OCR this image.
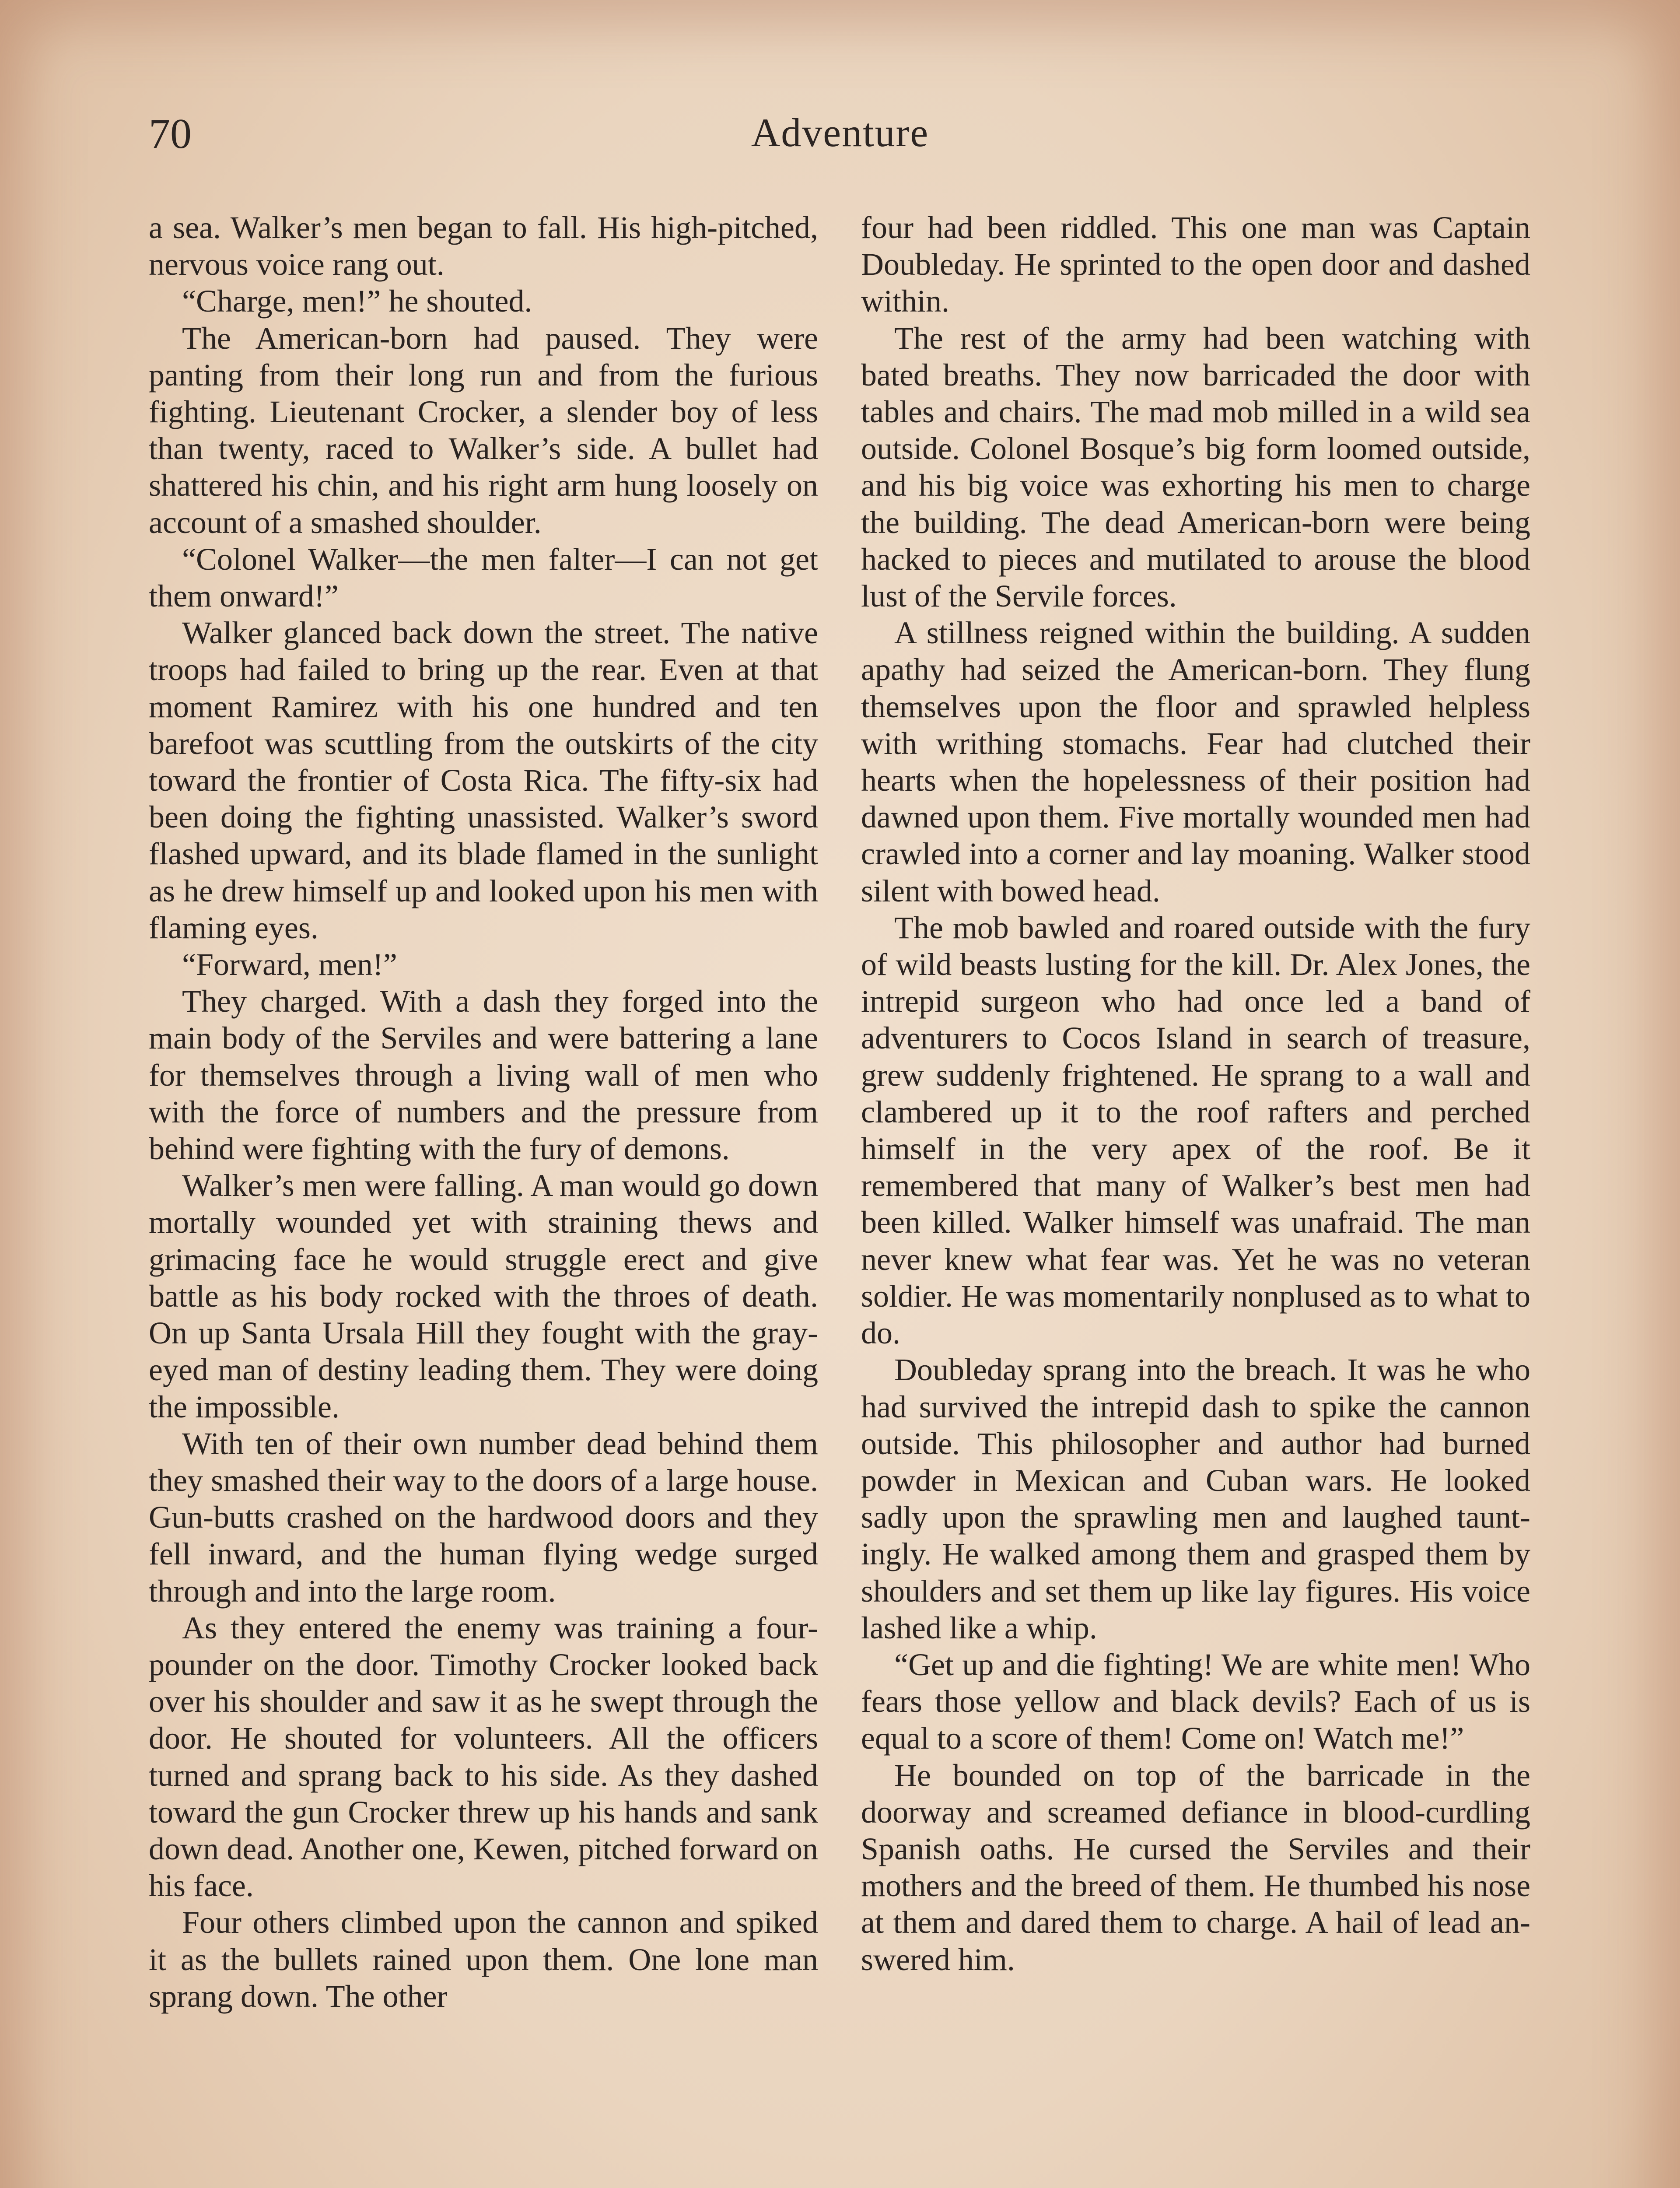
70	Adventure

a sea. Walker’s men began to fall. His high-pitched, nervous voice rang out.

“Charge, men!” he shouted.

The American-born had paused. They were panting from their long run and from the furious fighting. Lieutenant Crocker, a slender boy of less than twenty, raced to Walker’s side. A bullet had shattered his chin, and his right arm hung loosely on account of a smashed shoulder.

“Colonel Walker—the men falter—I can not get them onward!”

Walker glanced back down the street. The native troops had failed to bring up the rear. Even at that moment Ramirez with his one hundred and ten barefoot was scuttling from the outskirts of the city toward the frontier of Costa Rica. The fifty-six had been doing the fighting unassisted. Walker’s sword flashed upward, and its blade flamed in the sunlight as he drew himself up and looked upon his men with flaming eyes.

“Forward, men!”

They charged. With a dash they forged into the main body of the Serviles and were battering a lane for themselves through a living wall of men who with the force of numbers and the pressure from behind were fighting with the fury of demons.

Walker’s men were falling. A man would go down mortally wounded yet with straining thews and grimacing face he would struggle erect and give battle as his body rocked with the throes of death. On up Santa Ursala Hill they fought with the gray-eyed man of destiny leading them. They were doing the impossible.

With ten of their own number dead behind them they smashed their way to the doors of a large house. Gun-butts crashed on the hardwood doors and they fell inward, and the human flying wedge surged through and into the large room.

As they entered the enemy was training a four-pounder on the door. Timothy Crocker looked back over his shoulder and saw it as he swept through the door. He shouted for volunteers. All the officers turned and sprang back to his side. As they dashed toward the gun Crocker threw up his hands and sank down dead. Another one, Kewen, pitched forward on his face.

Four others climbed upon the cannon and spiked it as the bullets rained upon them. One lone man sprang down. The other

four had been riddled. This one man was Captain Doubleday. He sprinted to the open door and dashed within.

The rest of the army had been watching with bated breaths. They now barricaded the door with tables and chairs. The mad mob milled in a wild sea outside. Colonel Bosque’s big form loomed outside, and his big voice was exhorting his men to charge the building. The dead American-born were being hacked to pieces and mutilated to arouse the blood lust of the Servile forces.

A stillness reigned within the building. A sudden apathy had seized the American-born. They flung themselves upon the floor and sprawled helpless with writhing stomachs. Fear had clutched their hearts when the hopelessness of their position had dawned upon them. Five mortally wounded men had crawled into a corner and lay moaning. Walker stood silent with bowed head.

The mob bawled and roared outside with the fury of wild beasts lusting for the kill. Dr. Alex Jones, the intrepid surgeon who had once led a band of adventurers to Cocos Island in search of treasure, grew suddenly frightened. He sprang to a wall and clambered up it to the roof rafters and perched himself in the very apex of the roof. Be it remembered that many of Walker’s best men had been killed. Walker himself was unafraid. The man never knew what fear was. Yet he was no veteran soldier. He was momentarily nonplused as to what to do.

Doubleday sprang into the breach. It was he who had survived the intrepid dash to spike the cannon outside. This philosopher and author had burned powder in Mexican and Cuban wars. He looked sadly upon the sprawling men and laughed tauntingly. He walked among them and grasped them by shoulders and set them up like lay figures. His voice lashed like a whip.

“Get up and die fighting! We are white men! Who fears those yellow and black devils? Each of us is equal to a score of them! Come on! Watch me!”

He bounded on top of the barricade in the doorway and screamed defiance in blood-curdling Spanish oaths. He cursed the Serviles and their mothers and the breed of them. He thumbed his nose at them and dared them to charge. A hail of lead answered him.
